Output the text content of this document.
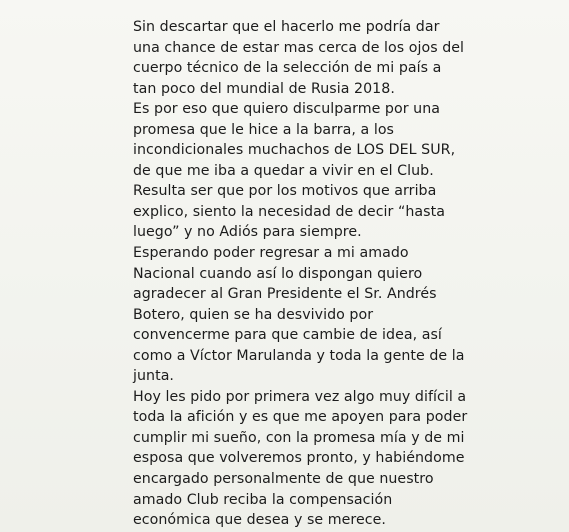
Sin descartar que el hacerlo me podría dar
una chance de estar mas cerca de los ojos del
cuerpo técnico de la selección de mi país a
tan poco del mundial de Rusia 2018.
Es por eso que quiero disculparme por una
promesa que le hice a la barra, a los
incondicionales muchachos de LOS DEL SUR,
de que me iba a quedar a vivir en el Club.
Resulta ser que por los motivos que arriba
explico, siento la necesidad de decir “hasta
luego” y no Adiós para siempre.
Esperando poder regresar a mi amado
Nacional cuando así lo dispongan quiero
agradecer al Gran Presidente el Sr. Andrés
Botero, quien se ha desvivido por
convencerme para que cambie de idea, así
como a Víctor Marulanda y toda la gente de la
junta.
Hoy les pido por primera vez algo muy difícil a
toda la afición y es que me apoyen para poder
cumplir mi sueño, con la promesa mía y de mi
esposa que volveremos pronto, y habiéndome
encargado personalmente de que nuestro
amado Club reciba la compensación
económica que desea y se merece.
